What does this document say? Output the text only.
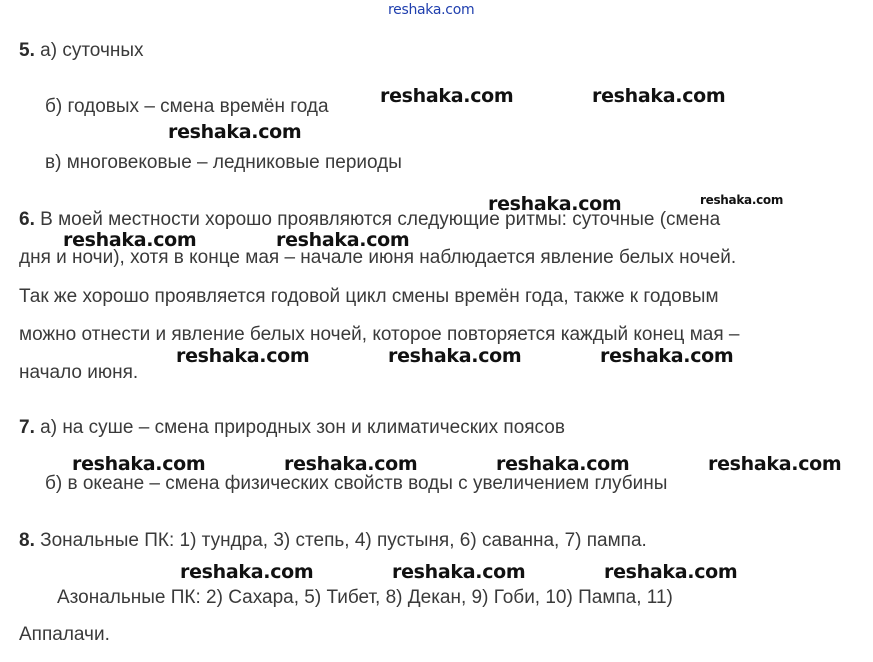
reshaka.com
5. а) суточных
б) годовых – смена времён года
в) многовековые – ледниковые периоды
6. В моей местности хорошо проявляются следующие ритмы: суточные (смена
дня и ночи), хотя в конце мая – начале июня наблюдается явление белых ночей.
Так же хорошо проявляется годовой цикл смены времён года, также к годовым
можно отнести и явление белых ночей, которое повторяется каждый конец мая –
начало июня.
7. а) на суше – смена природных зон и климатических поясов
б) в океане – смена физических свойств воды с увеличением глубины
8. Зональные ПК: 1) тундра, 3) степь, 4) пустыня, 6) саванна, 7) пампа.
Азональные ПК: 2) Сахара, 5) Тибет, 8) Декан, 9) Гоби, 10) Пампа, 11)
Аппалачи.
reshaka.com	reshaka.com
reshaka.com
reshaka.com	reshaka.com
reshaka.com	reshaka.com
reshaka.com	reshaka.com	reshaka.com
reshaka.com	reshaka.com	reshaka.com	reshaka.com
reshaka.com	reshaka.com	reshaka.com
